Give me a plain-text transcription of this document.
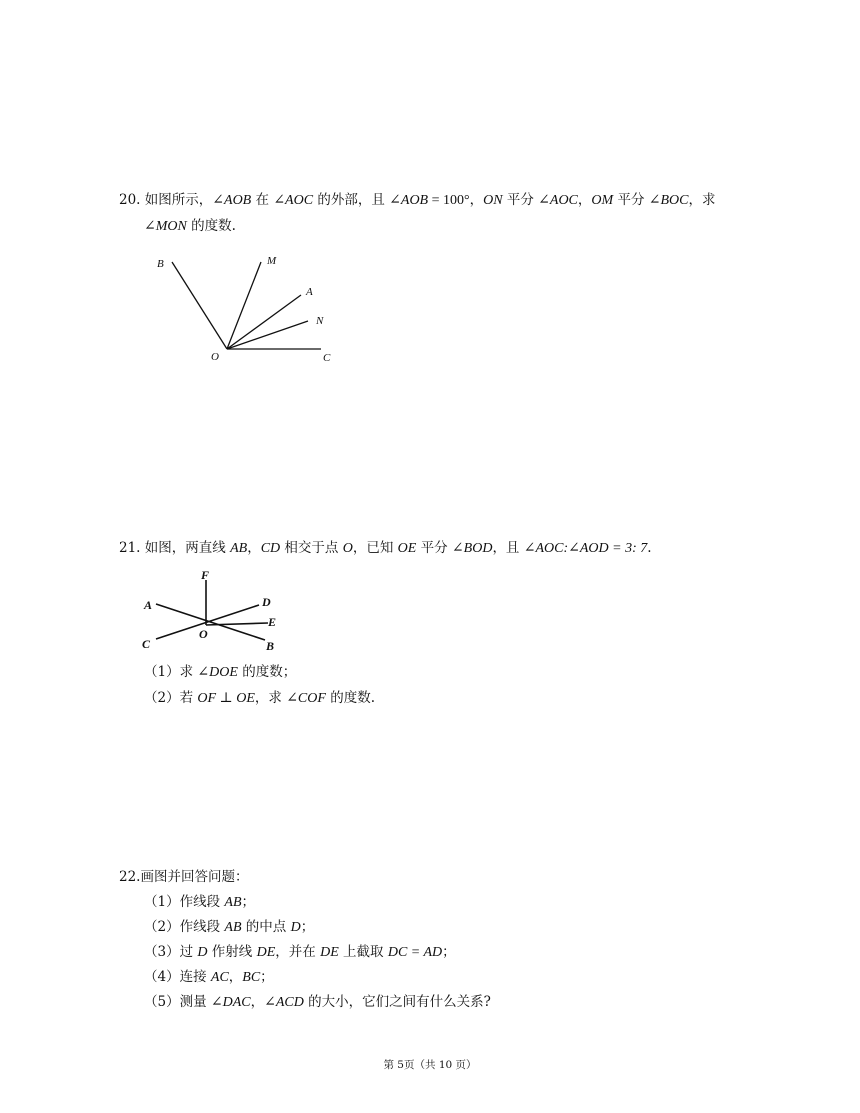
20. 如图所示，∠AOB 在 ∠AOC 的外部，且 ∠AOB = 100°，ON 平分 ∠AOC，OM 平分 ∠BOC，求
∠MON 的度数.
B	M
A
N
O	C
21. 如图，两直线 AB，CD 相交于点 O，已知 OE 平分 ∠BOD，且 ∠AOC:∠AOD = 3: 7.
F
A	D
E
O
C	B
（1）求 ∠DOE 的度数；
（2）若 OF ⊥ OE，求 ∠COF 的度数.
22.画图并回答问题：
（1）作线段 AB；
（2）作线段 AB 的中点 D；
（3）过 D 作射线 DE，并在 DE 上截取 DC = AD；
（4）连接 AC，BC；
（5）测量 ∠DAC，∠ACD 的大小，它们之间有什么关系?
第 5页（共 10 页）
